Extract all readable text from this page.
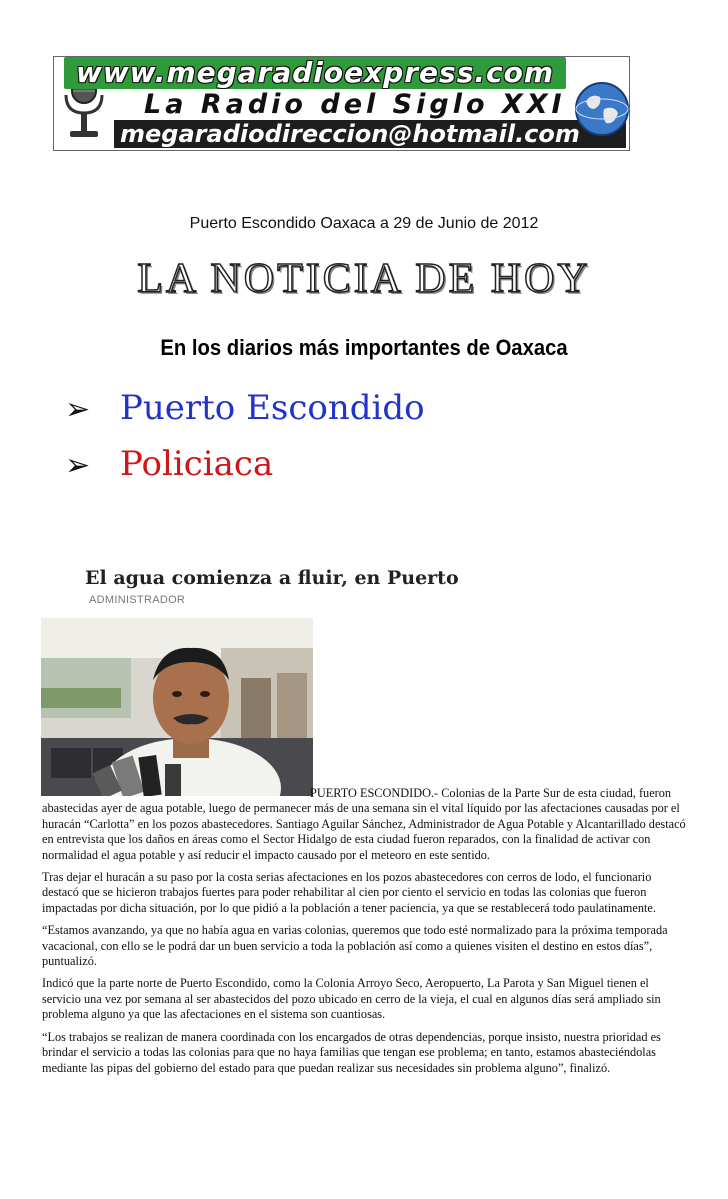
www.megaradioexpress.com
La Radio del Siglo XXI
megaradiodireccion@hotmail.com
Puerto Escondido Oaxaca a 29 de Junio de 2012
LA NOTICIA DE HOY
En los diarios más importantes de Oaxaca
➢ Puerto Escondido
➢ Policiaca
El agua comienza a fluir, en Puerto
ADMINISTRADOR

PUERTO ESCONDIDO.- Colonias de la Parte Sur de esta ciudad, fueron abastecidas ayer de agua potable, luego de permanecer más de una semana sin el vital líquido por las afectaciones causadas por el huracán “Carlotta” en los pozos abastecedores. Santiago Aguilar Sánchez, Administrador de Agua Potable y Alcantarillado destacó en entrevista que los daños en áreas como el Sector Hidalgo de esta ciudad fueron reparados, con la finalidad de activar con normalidad el agua potable y así reducir el impacto causado por el meteoro en este sentido.

Tras dejar el huracán a su paso por la costa serias afectaciones en los pozos abastecedores con cerros de lodo, el funcionario destacó que se hicieron trabajos fuertes para poder rehabilitar al cien por ciento el servicio en todas las colonias que fueron impactadas por dicha situación, por lo que pidió a la población a tener paciencia, ya que se restablecerá todo paulatinamente.

“Estamos avanzando, ya que no había agua en varias colonias, queremos que todo esté normalizado para la próxima temporada vacacional, con ello se le podrá dar un buen servicio a toda la población así como a quienes visiten el destino en estos días”, puntualizó.

Indicó que la parte norte de Puerto Escondido, como la Colonia Arroyo Seco, Aeropuerto, La Parota y San Miguel tienen el servicio una vez por semana al ser abastecidos del pozo ubicado en cerro de la vieja, el cual en algunos días será ampliado sin problema alguno ya que las afectaciones en el sistema son cuantiosas.

“Los trabajos se realizan de manera coordinada con los encargados de otras dependencias, porque insisto, nuestra prioridad es brindar el servicio a todas las colonias para que no haya familias que tengan ese problema; en tanto, estamos abasteciéndolas mediante las pipas del gobierno del estado para que puedan realizar sus necesidades sin problema alguno”, finalizó.
